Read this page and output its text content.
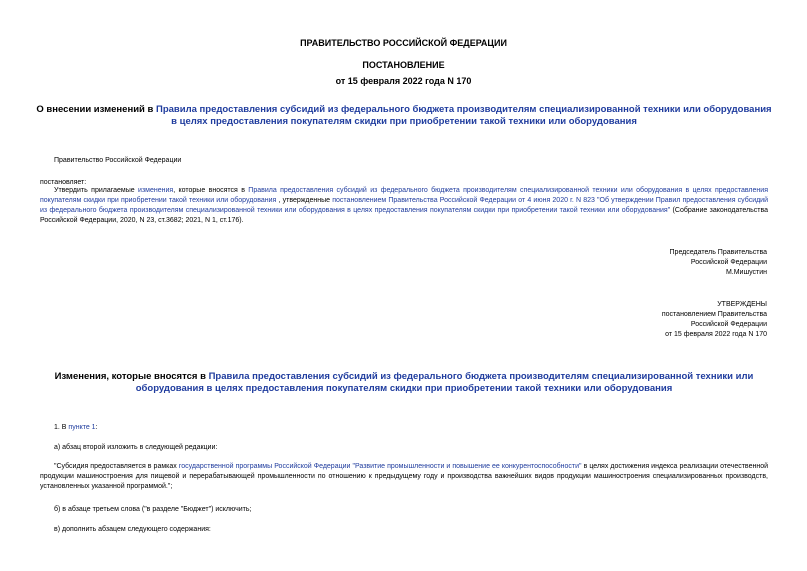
ПРАВИТЕЛЬСТВО РОССИЙСКОЙ ФЕДЕРАЦИИ
ПОСТАНОВЛЕНИЕ
от 15 февраля 2022 года N 170
О внесении изменений в Правила предоставления субсидий из федерального бюджета производителям специализированной техники или оборудования в целях предоставления покупателям скидки при приобретении такой техники или оборудования
Правительство Российской Федерации
постановляет:
Утвердить прилагаемые изменения, которые вносятся в Правила предоставления субсидий из федерального бюджета производителям специализированной техники или оборудования в целях предоставления покупателям скидки при приобретении такой техники или оборудования , утвержденные постановлением Правительства Российской Федерации от 4 июня 2020 г. N 823 "Об утверждении Правил предоставления субсидий из федерального бюджета производителям специализированной техники или оборудования в целях предоставления покупателям скидки при приобретении такой техники или оборудования" (Собрание законодательства Российской Федерации, 2020, N 23, ст.3682; 2021, N 1, ст.176).
Председатель Правительства
Российской Федерации
М.Мишустин
УТВЕРЖДЕНЫ
постановлением Правительства
Российской Федерации
от 15 февраля 2022 года N 170
Изменения, которые вносятся в Правила предоставления субсидий из федерального бюджета производителям специализированной техники или оборудования в целях предоставления покупателям скидки при приобретении такой техники или оборудования
1. В пункте 1:
а) абзац второй изложить в следующей редакции:
"Субсидия предоставляется в рамках государственной программы Российской Федерации "Развитие промышленности и повышение ее конкурентоспособности" в целях достижения индекса реализации отечественной продукции машиностроения для пищевой и перерабатывающей промышленности по отношению к предыдущему году и производства важнейших видов продукции машиностроения специализированных производств, установленных указанной программой.";
б) в абзаце третьем слова ("в разделе "Бюджет") исключить;
в) дополнить абзацем следующего содержания:
